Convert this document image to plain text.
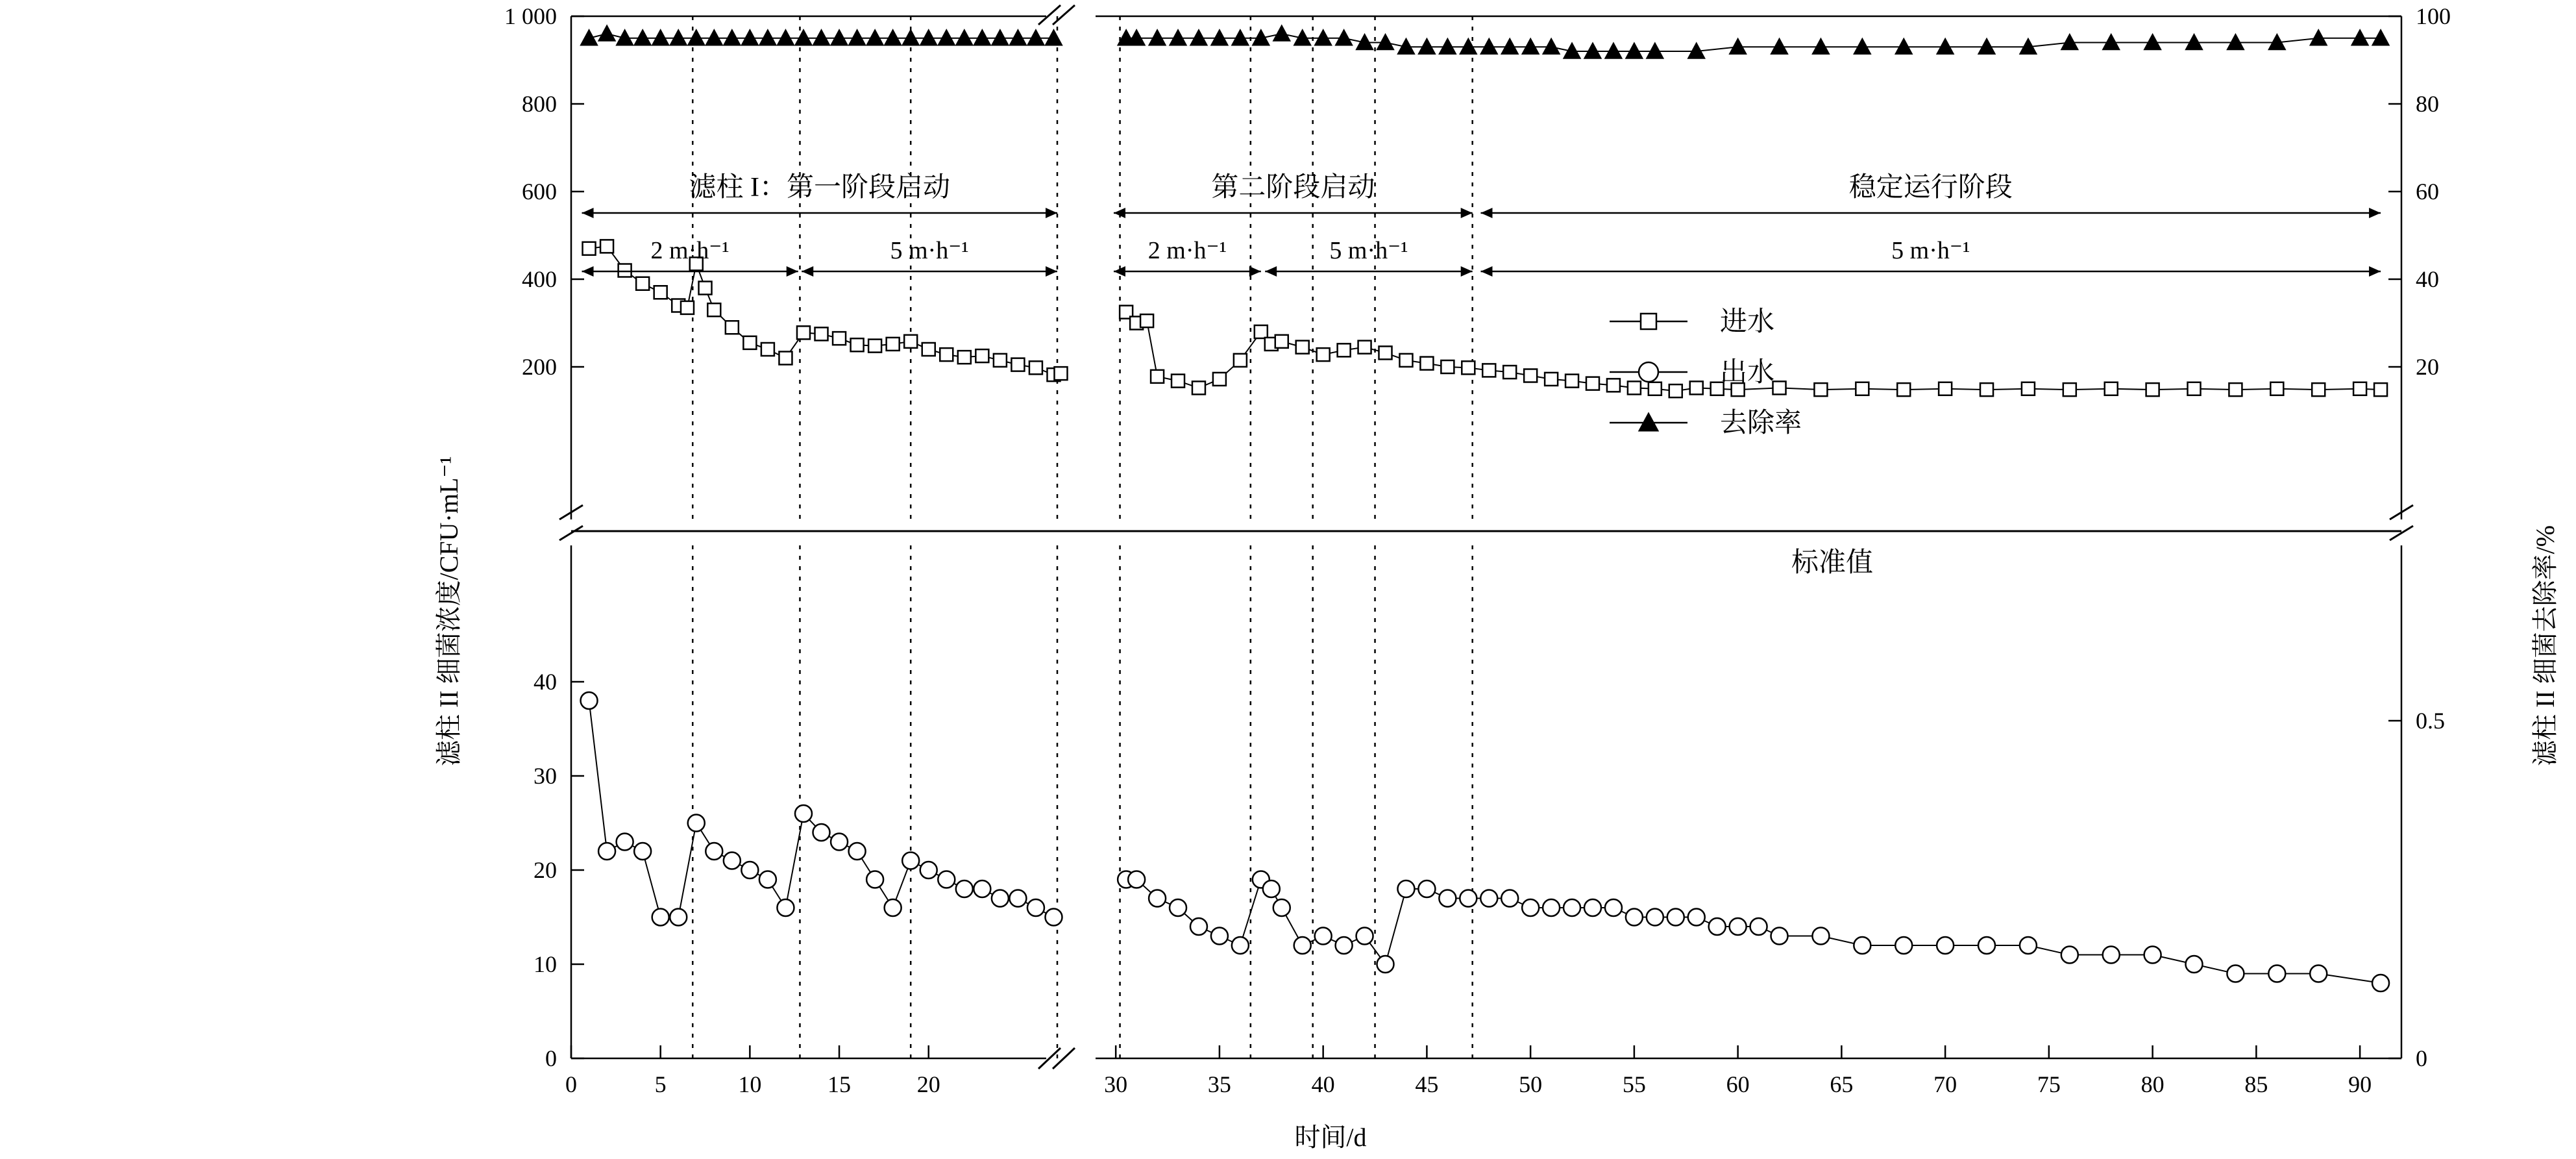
200
400
600
800
1 000
0
10
20
30
40
20
40
60
80
100
0
0.5
0	5	10	15	20	30	35	40	45	50	55	60	65	70	75	80	85	90
滤柱 I：第一阶段启动	第二阶段启动	稳定运行阶段
2 m·h⁻¹	5 m·h⁻¹	2 m·h⁻¹	5 m·h⁻¹	5 m·h⁻¹
标准值
进水
出水
去除率
滤柱 II 细菌浓度/CFU·mL⁻¹	滤柱 II 细菌去除率/%
时间/d
